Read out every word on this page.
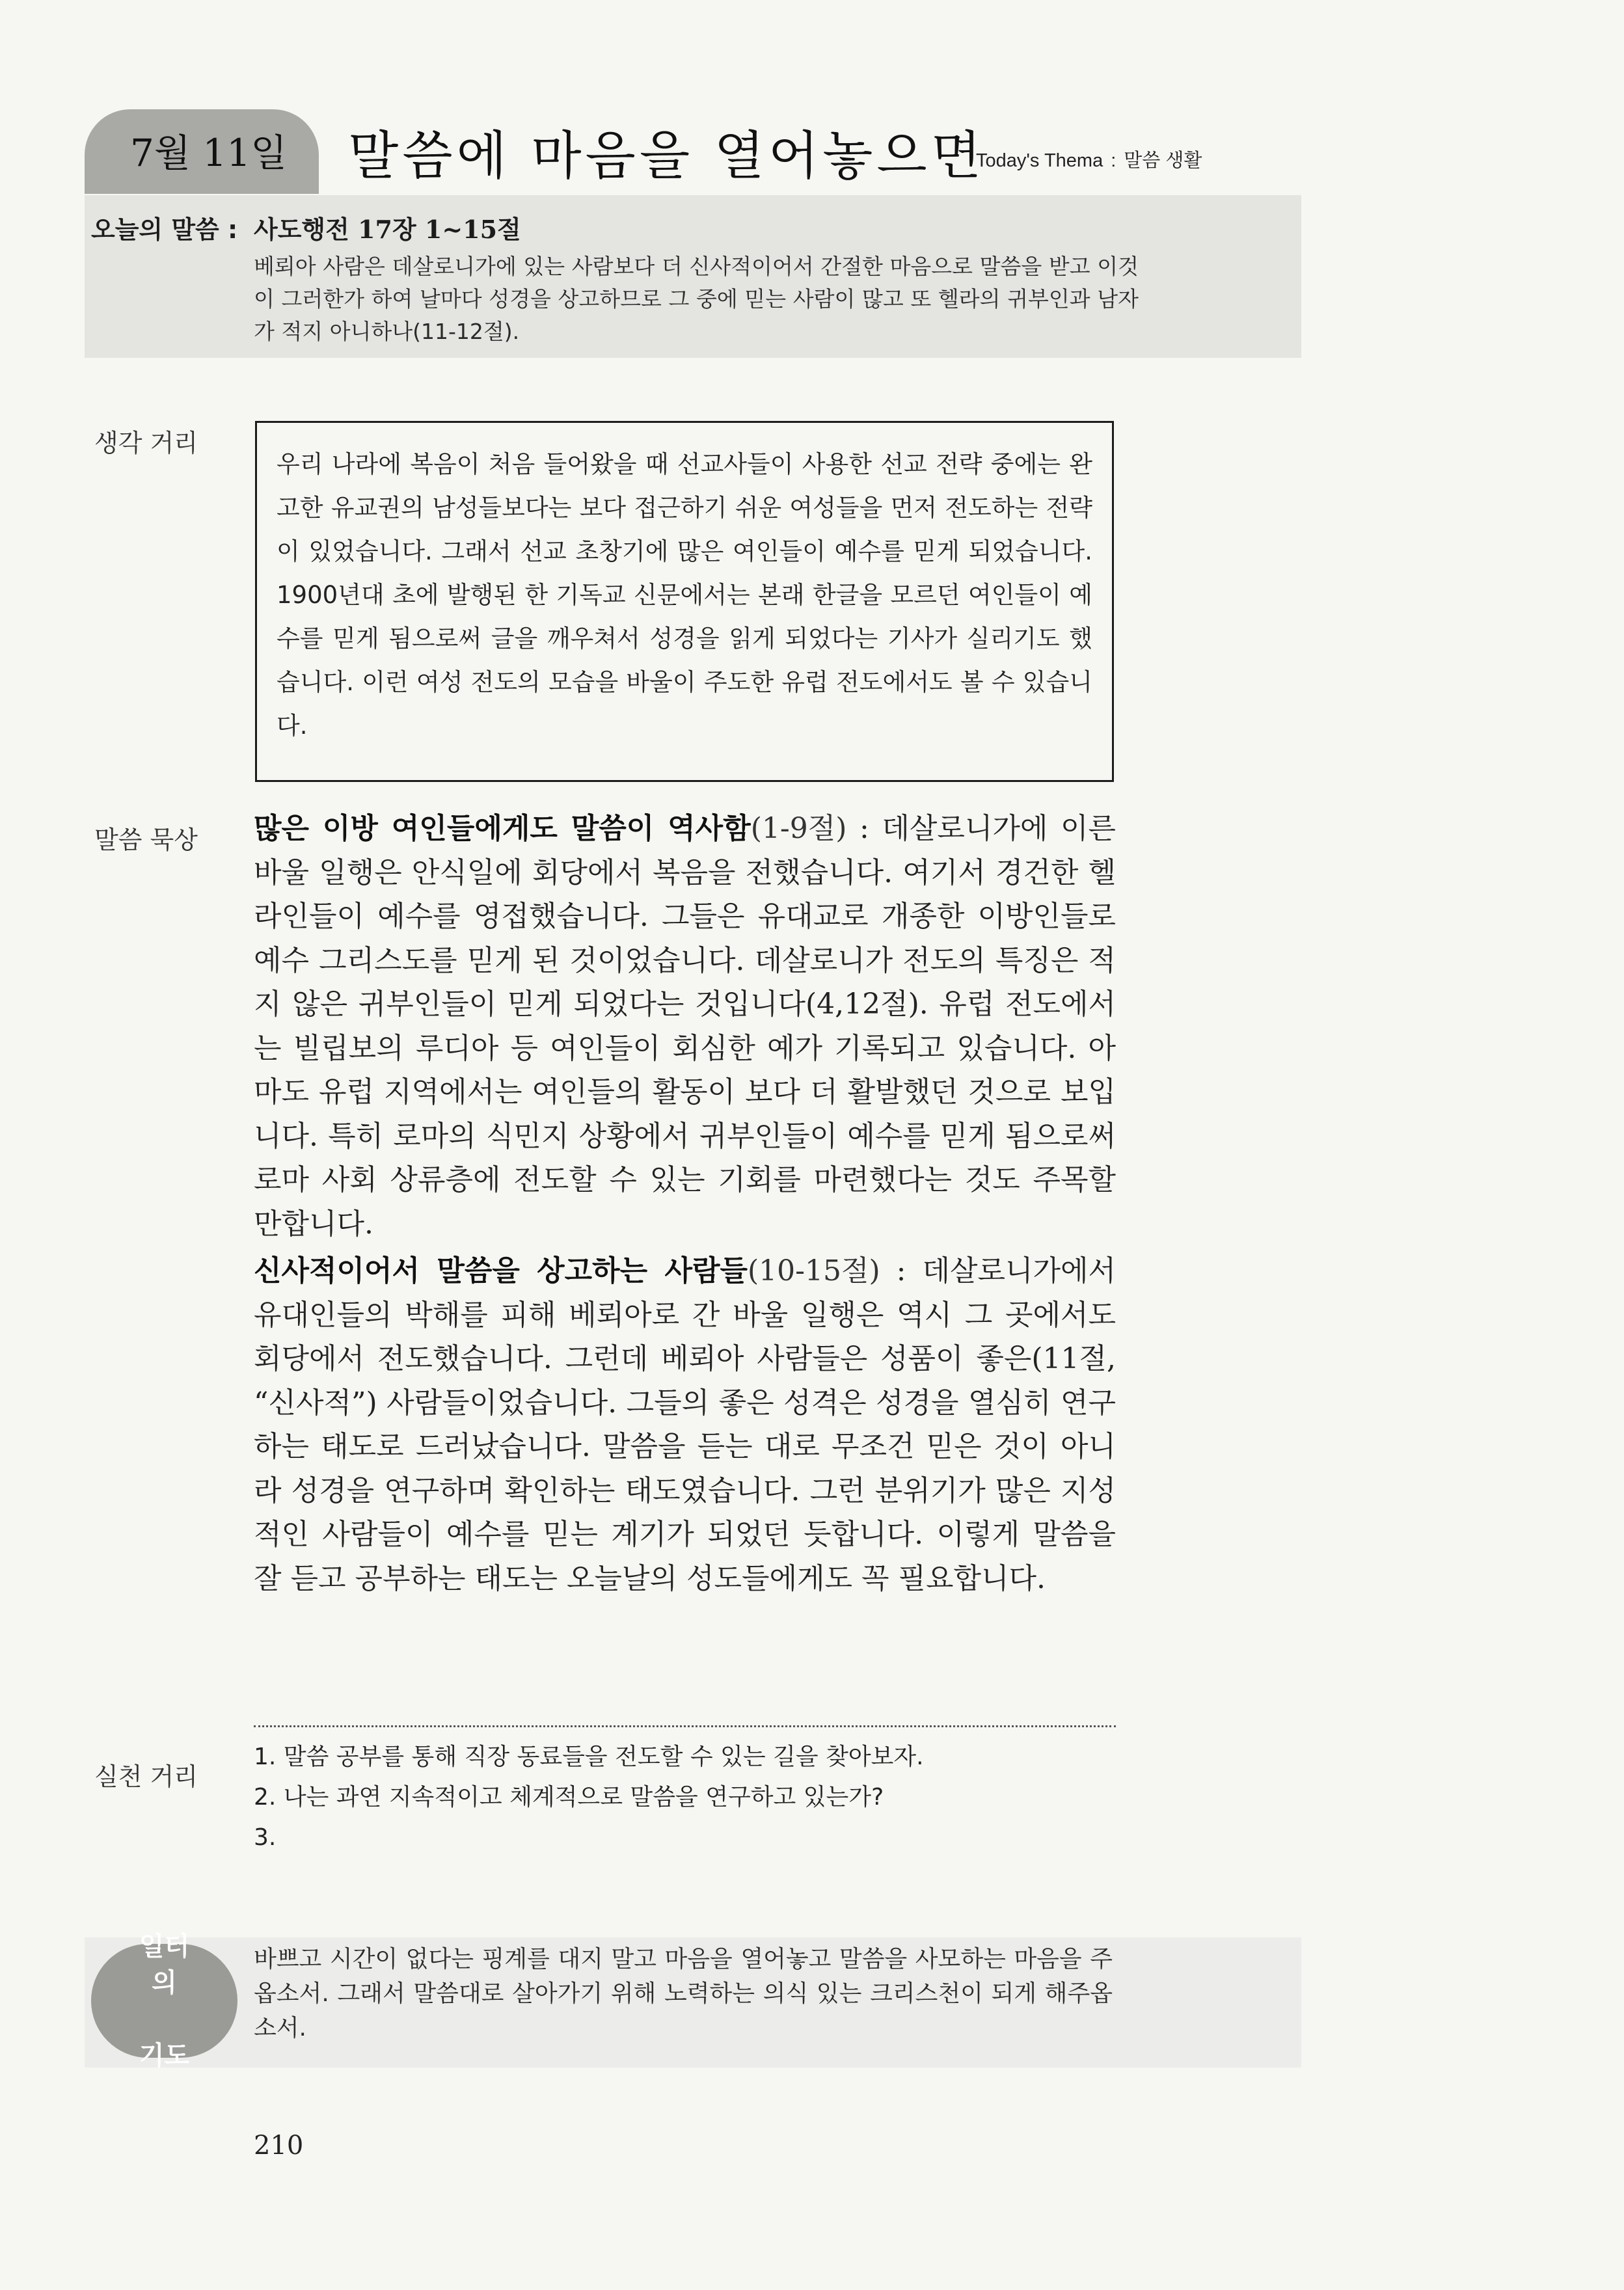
7월 11일 말씀에 마음을 열어놓으면
Today's Thema : 말씀 생활
오늘의 말씀 : 사도행전 17장 1~15절
베뢰아 사람은 데살로니가에 있는 사람보다 더 신사적이어서 간절한 마음으로 말씀을 받고 이것이 그러한가 하여 날마다 성경을 상고하므로 그 중에 믿는 사람이 많고 또 헬라의 귀부인과 남자가 적지 아니하나(11-12절).
생각 거리
우리 나라에 복음이 처음 들어왔을 때 선교사들이 사용한 선교 전략 중에는 완고한 유교권의 남성들보다는 보다 접근하기 쉬운 여성들을 먼저 전도하는 전략이 있었습니다. 그래서 선교 초창기에 많은 여인들이 예수를 믿게 되었습니다. 1900년대 초에 발행된 한 기독교 신문에서는 본래 한글을 모르던 여인들이 예수를 믿게 됨으로써 글을 깨우쳐서 성경을 읽게 되었다는 기사가 실리기도 했습니다. 이런 여성 전도의 모습을 바울이 주도한 유럽 전도에서도 볼 수 있습니다.
말씀 묵상 많은 이방 여인들에게도 말씀이 역사함(1-9절) : 데살로니가에 이른 바울 일행은 안식일에 회당에서 복음을 전했습니다. 여기서 경건한 헬라인들이 예수를 영접했습니다. 그들은 유대교로 개종한 이방인들로 예수 그리스도를 믿게 된 것이었습니다. 데살로니가 전도의 특징은 적지 않은 귀부인들이 믿게 되었다는 것입니다(4,12절). 유럽 전도에서는 빌립보의 루디아 등 여인들이 회심한 예가 기록되고 있습니다. 아마도 유럽 지역에서는 여인들의 활동이 보다 더 활발했던 것으로 보입니다. 특히 로마의 식민지 상황에서 귀부인들이 예수를 믿게 됨으로써 로마 사회 상류층에 전도할 수 있는 기회를 마련했다는 것도 주목할 만합니다.

신사적이어서 말씀을 상고하는 사람들(10-15절) : 데살로니가에서 유대인들의 박해를 피해 베뢰아로 간 바울 일행은 역시 그 곳에서도 회당에서 전도했습니다. 그런데 베뢰아 사람들은 성품이 좋은(11절, “신사적”) 사람들이었습니다. 그들의 좋은 성격은 성경을 열심히 연구하는 태도로 드러났습니다. 말씀을 듣는 대로 무조건 믿은 것이 아니라 성경을 연구하며 확인하는 태도였습니다. 그런 분위기가 많은 지성적인 사람들이 예수를 믿는 계기가 되었던 듯합니다. 이렇게 말씀을 잘 듣고 공부하는 태도는 오늘날의 성도들에게도 꼭 필요합니다.

실천 거리
1. 말씀 공부를 통해 직장 동료들을 전도할 수 있는 길을 찾아보자.
2. 나는 과연 지속적이고 체계적으로 말씀을 연구하고 있는가?
3.
일터의

기도
바쁘고 시간이 없다는 핑계를 대지 말고 마음을 열어놓고 말씀을 사모하는 마음을 주옵소서. 그래서 말씀대로 살아가기 위해 노력하는 의식 있는 크리스천이 되게 해주옵소서.
210
